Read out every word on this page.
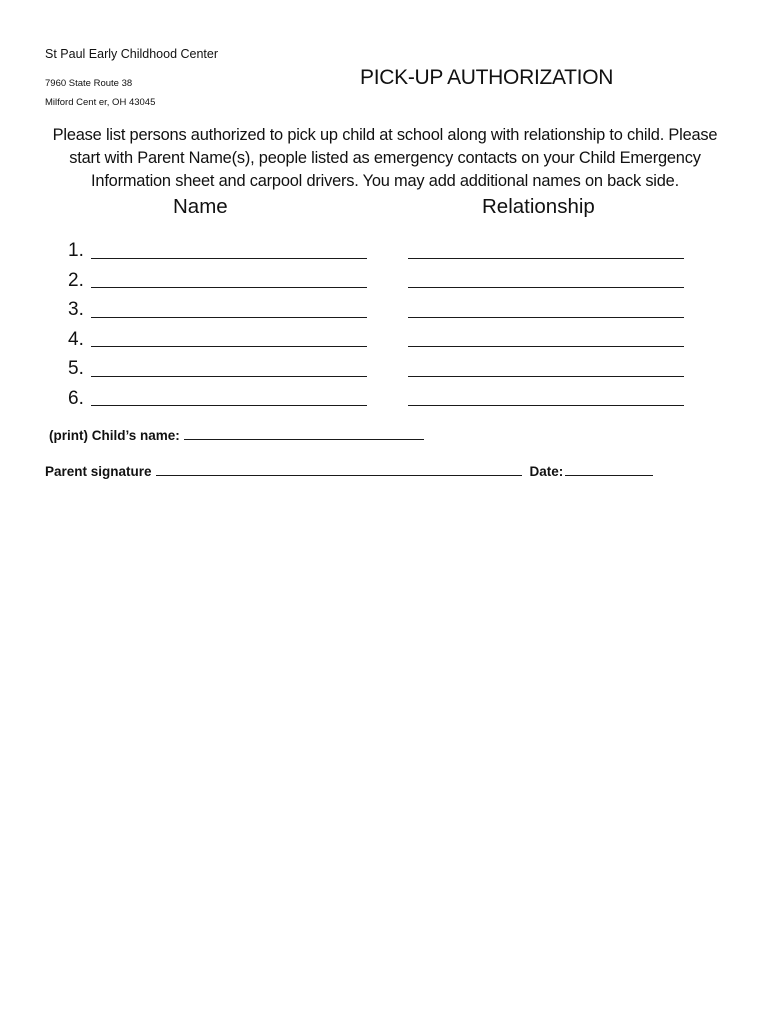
St Paul Early Childhood Center
7960 State Route 38
Milford Cent er, OH 43045
PICK-UP AUTHORIZATION
Please list persons authorized to pick up child at school along with relationship to child. Please
start with Parent Name(s), people listed as emergency contacts on your Child Emergency
Information sheet and carpool drivers. You may add additional names on back side.
Name	Relationship
1.
2.
3.
4.
5.
6.
(print) Child’s name:
Parent signature	Date:
